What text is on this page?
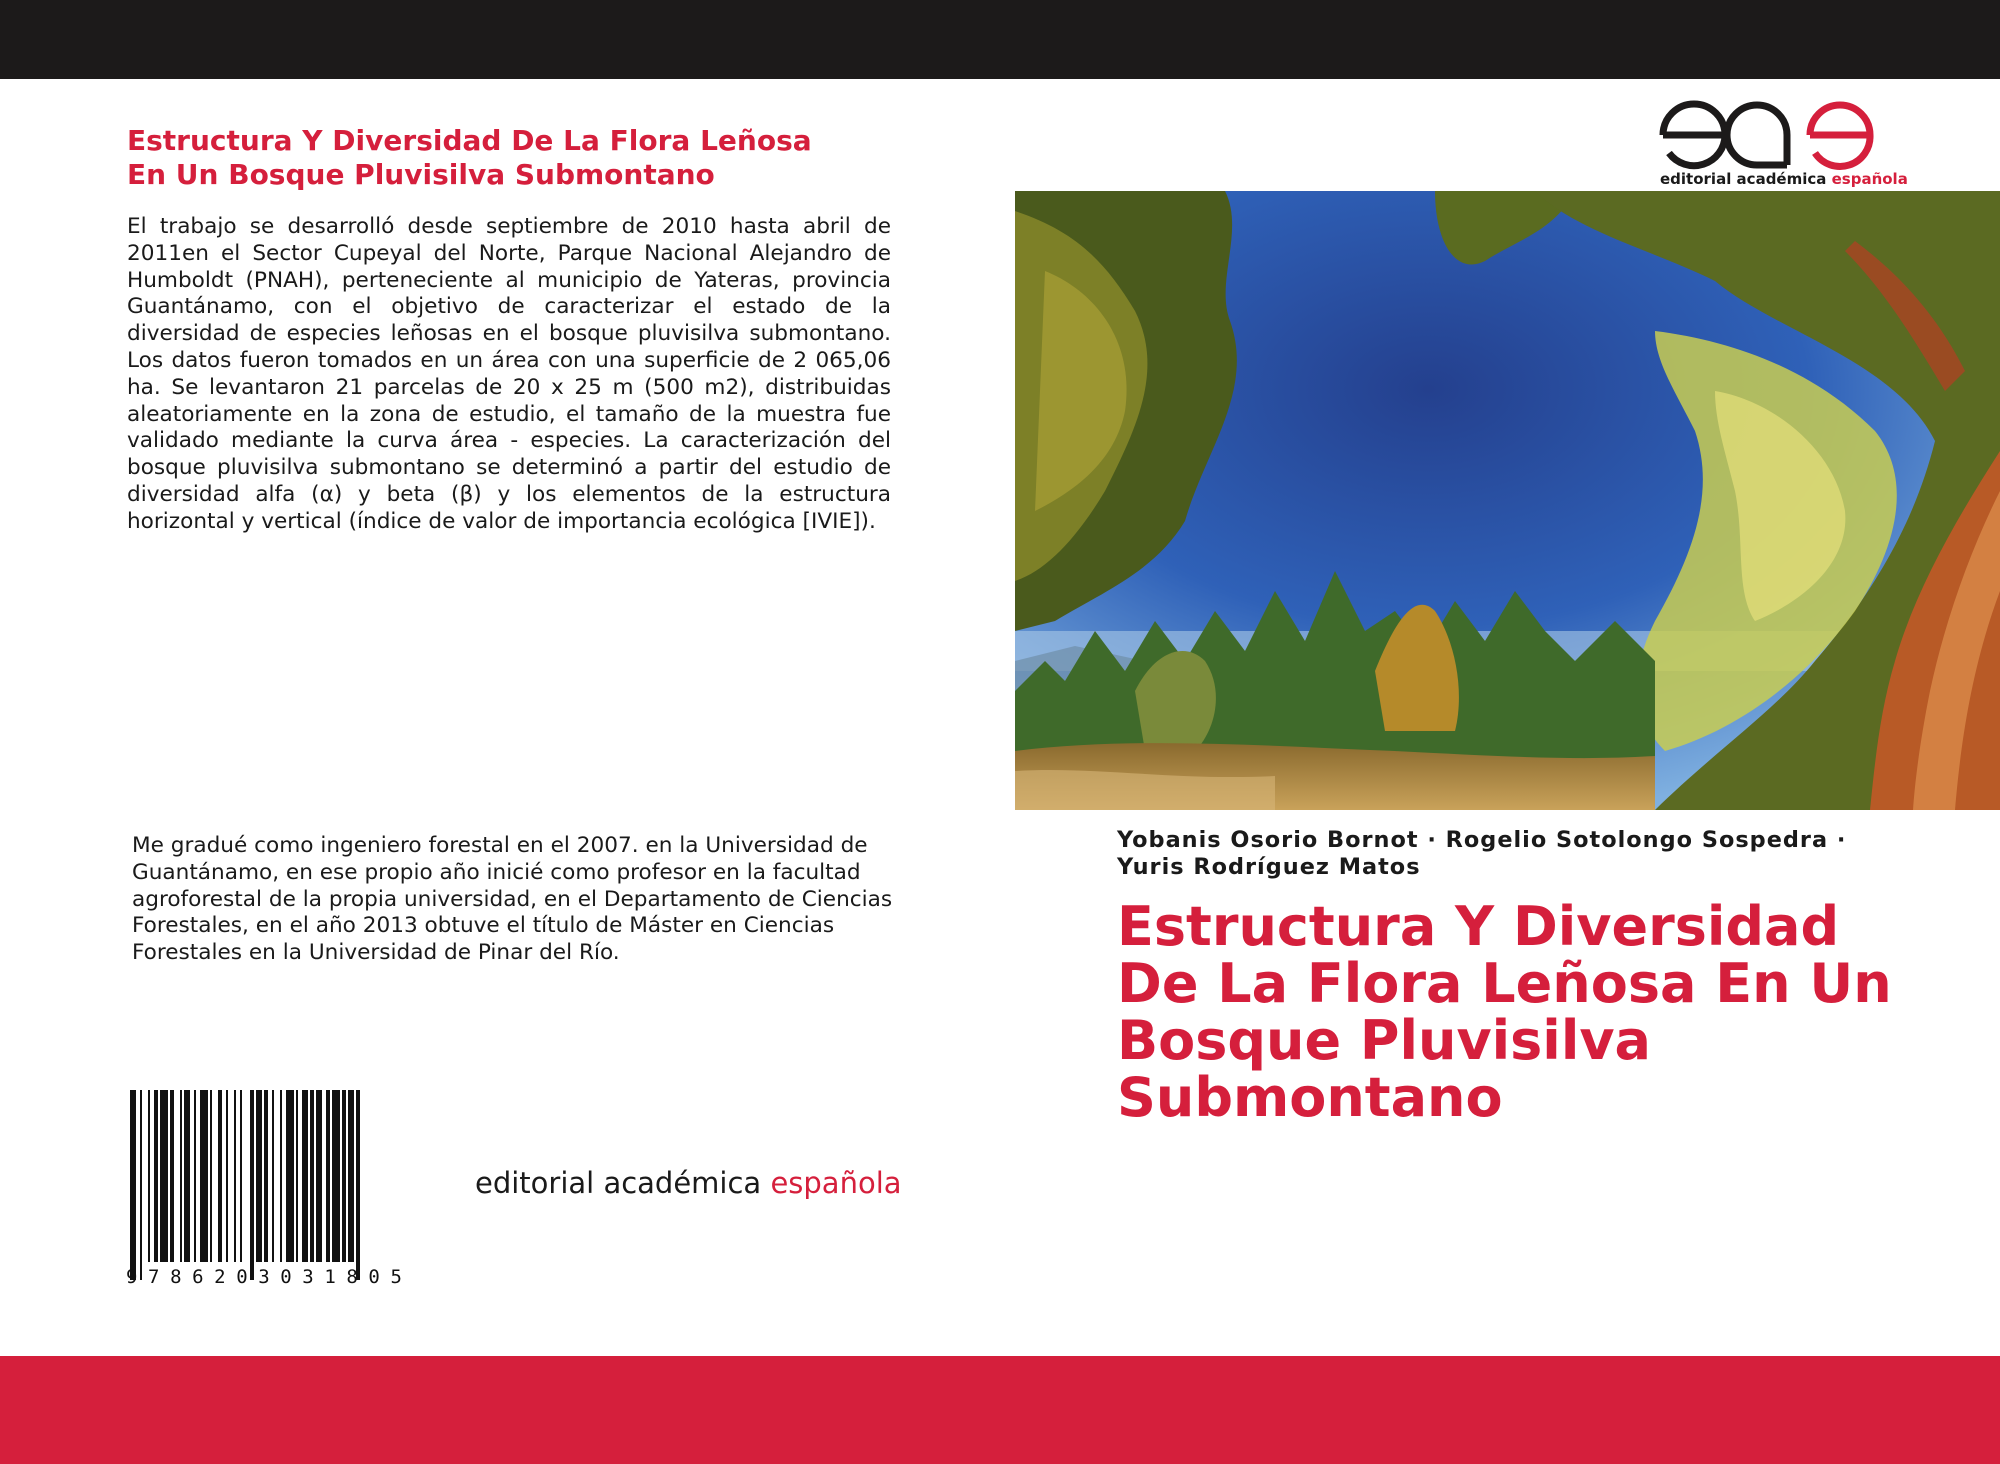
Estructura Y Diversidad De La Flora Leñosa
En Un Bosque Pluvisilva Submontano
El trabajo se desarrolló desde septiembre de 2010 hasta abril de 2011en el Sector Cupeyal del Norte, Parque Nacional Alejandro de Humboldt (PNAH), perteneciente al municipio de Yateras, provincia Guantánamo, con el objetivo de caracterizar el estado de la diversidad de especies leñosas en el bosque pluvisilva submontano. Los datos fueron tomados en un área con una superficie de 2 065,06 ha. Se levantaron 21 parcelas de 20 x 25 m (500 m2), distribuidas aleatoriamente en la zona de estudio, el tamaño de la muestra fue validado mediante la curva área - especies. La caracterización del bosque pluvisilva submontano se determinó a partir del estudio de diversidad alfa (α) y beta (β) y los elementos de la estructura horizontal y vertical (índice de valor de importancia ecológica [IVIE]).
Me gradué como ingeniero forestal en el 2007. en la Universidad de
Guantánamo, en ese propio año inicié como profesor en la facultad
agroforestal de la propia universidad, en el Departamento de Ciencias
Forestales, en el año 2013 obtuve el título de Máster en Ciencias
Forestales en la Universidad de Pinar del Río.
9786203031805
editorial académica española
editorial académica española
Yobanis Osorio Bornot · Rogelio Sotolongo Sospedra ·
Yuris Rodríguez Matos
Estructura Y Diversidad
De La Flora Leñosa En Un
Bosque Pluvisilva
Submontano
